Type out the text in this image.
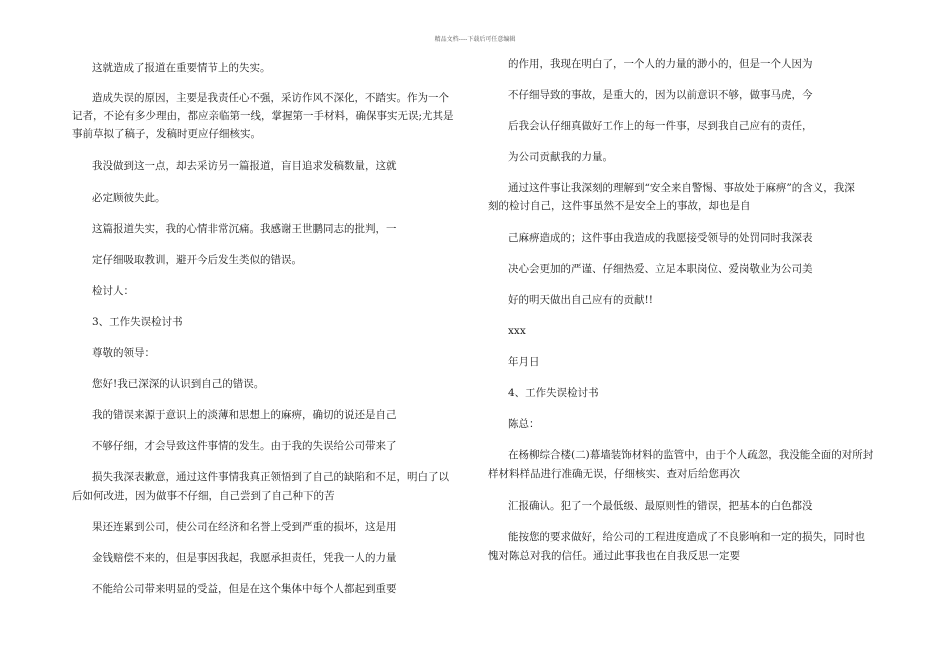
精品文档----下载后可任意编辑
这就造成了报道在重要情节上的失实。
造成失误的原因，主要是我责任心不强，采访作风不深化，不踏实。作为一个
记者，不论有多少理由，都应亲临第一线，掌握第一手材料，确保事实无误;尤其是
事前草拟了稿子，发稿时更应仔细核实。
我没做到这一点，却去采访另一篇报道，盲目追求发稿数量，这就
必定顾彼失此。
这篇报道失实，我的心情非常沉痛。我感谢王世鹏同志的批判，一
定仔细吸取教训，避开今后发生类似的错误。
检讨人：
3、工作失误检讨书
尊敬的领导：
您好!我已深深的认识到自己的错误。
我的错误来源于意识上的淡薄和思想上的麻痹，确切的说还是自己
不够仔细，才会导致这件事情的发生。由于我的失误给公司带来了
损失我深表歉意，通过这件事情我真正领悟到了自己的缺陷和不足，明白了以
后如何改进，因为做事不仔细，自己尝到了自己种下的苦
果还连累到公司，使公司在经济和名誉上受到严重的损坏，这是用
金钱赔偿不来的，但是事因我起，我愿承担责任，凭我一人的力量
不能给公司带来明显的受益，但是在这个集体中每个人都起到重要
的作用，我现在明白了，一个人的力量的渺小的，但是一个人因为
不仔细导致的事故，是重大的，因为以前意识不够，做事马虎，今
后我会认仔细真做好工作上的每一件事，尽到我自己应有的责任，
为公司贡献我的力量。
通过这件事让我深刻的理解到“安全来自警惕、事故处于麻痹”的含义，我深
刻的检讨自己，这件事虽然不是安全上的事故，却也是自
己麻痹造成的；这件事由我造成的我愿接受领导的处罚同时我深表
决心会更加的严谨、仔细热爱、立足本职岗位、爱岗敬业为公司美
好的明天做出自己应有的贡献!!
xxx
年月日
4、工作失误检讨书
陈总：
在杨柳综合楼(二)幕墙装饰材料的监管中，由于个人疏忽，我没能全面的对所封
样材料样品进行准确无误，仔细核实、查对后给您再次
汇报确认。犯了一个最低级、最原则性的错误，把基本的白色都没
能按您的要求做好，给公司的工程进度造成了不良影响和一定的损失，同时也
愧对陈总对我的信任。通过此事我也在自我反思一定要
